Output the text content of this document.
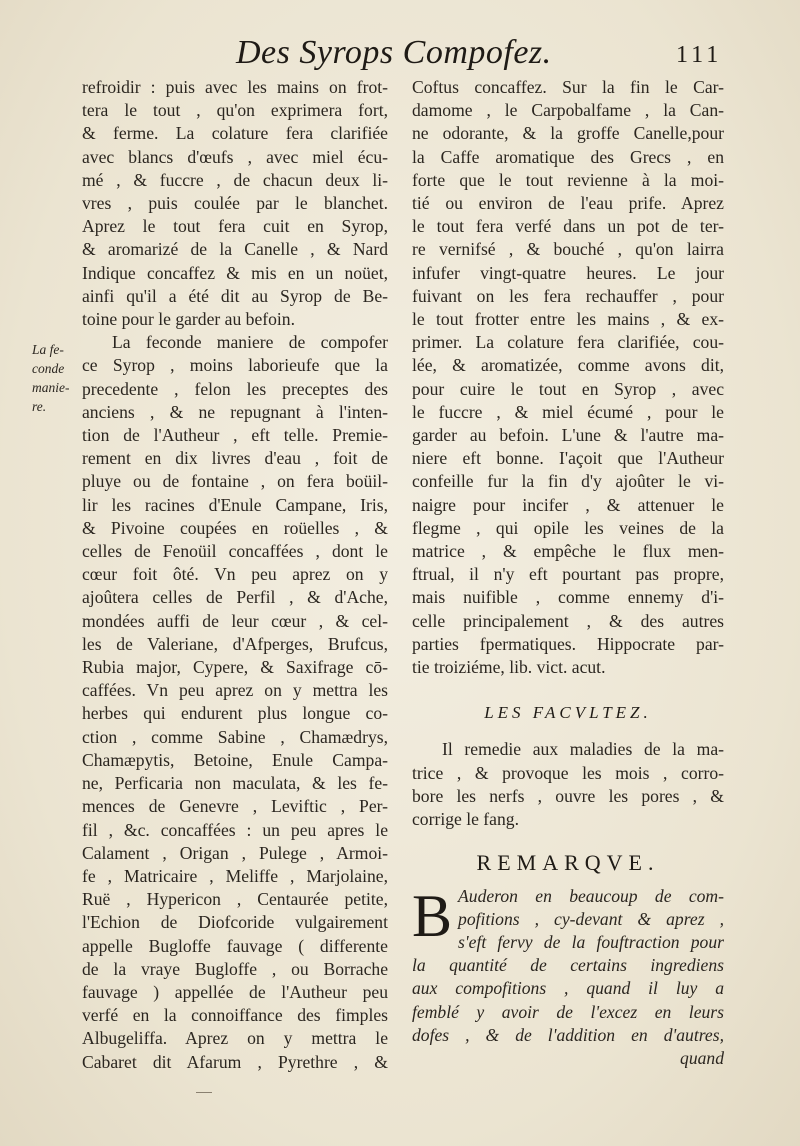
Des Syrops Compofez.	111
La fe-
conde
manie-
re.
refroidir : puis avec les mains on frot-
tera le tout , qu'on exprimera fort,
& ferme. La colature fera clarifiée
avec blancs d'œufs , avec miel écu-
mé , & fuccre , de chacun deux li-
vres , puis coulée par le blanchet.
Aprez le tout fera cuit en Syrop,
& aromarizé de la Canelle , & Nard
Indique concaffez & mis en un noüet,
ainfi qu'il a été dit au Syrop de Be-
toine pour le garder au befoin.
La feconde maniere de compofer
ce Syrop , moins laborieufe que la
precedente , felon les preceptes des
anciens , & ne repugnant à l'inten-
tion de l'Autheur , eft telle. Premie-
rement en dix livres d'eau , foit de
pluye ou de fontaine , on fera boüil-
lir les racines d'Enule Campane, Iris,
& Pivoine coupées en roüelles , &
celles de Fenoüil concaffées , dont le
cœur foit ôté. Vn peu aprez on y
ajoûtera celles de Perfil , & d'Ache,
mondées auffi de leur cœur , & cel-
les de Valeriane, d'Afperges, Brufcus,
Rubia major, Cypere, & Saxifrage cō-
caffées. Vn peu aprez on y mettra les
herbes qui endurent plus longue co-
ction , comme Sabine , Chamædrys,
Chamæpytis, Betoine, Enule Campa-
ne, Perficaria non maculata, & les fe-
mences de Genevre , Leviftic , Per-
fil , &c. concaffées : un peu apres le
Calament , Origan , Pulege , Armoi-
fe , Matricaire , Meliffe , Marjolaine,
Ruë , Hypericon , Centaurée petite,
l'Echion de Diofcoride vulgairement
appelle Bugloffe fauvage ( differente
de la vraye Bugloffe , ou Borrache
fauvage ) appellée de l'Autheur peu
verfé en la connoiffance des fimples
Albugeliffa. Aprez on y mettra le
Cabaret dit Afarum , Pyrethre , &
Coftus concaffez. Sur la fin le Car-
damome , le Carpobalfame , la Can-
ne odorante, & la groffe Canelle,pour
la Caffe aromatique des Grecs , en
forte que le tout revienne à la moi-
tié ou environ de l'eau prife. Aprez
le tout fera verfé dans un pot de ter-
re vernifsé , & bouché , qu'on lairra
infufer vingt-quatre heures. Le jour
fuivant on les fera rechauffer , pour
le tout frotter entre les mains , & ex-
primer. La colature fera clarifiée, cou-
lée, & aromatizée, comme avons dit,
pour cuire le tout en Syrop , avec
le fuccre , & miel écumé , pour le
garder au befoin. L'une & l'autre ma-
niere eft bonne. I'açoit que l'Autheur
confeille fur la fin d'y ajoûter le vi-
naigre pour incifer , & attenuer le
flegme , qui opile les veines de la
matrice , & empêche le flux men-
ftrual, il n'y eft pourtant pas propre,
mais nuifible , comme ennemy d'i-
celle principalement , & des autres
parties fpermatiques. Hippocrate par-
tie troiziéme, lib. vict. acut.
LES FACVLTEZ.
Il remedie aux maladies de la ma-
trice , & provoque les mois , corro-
bore les nerfs , ouvre les pores , &
corrige le fang.
REMARQVE.
B Auderon en beaucoup de com-
pofitions , cy-devant & aprez ,
s'eft fervy de la fouftraction pour
la quantité de certains ingrediens
aux compofitions , quand il luy a
femblé y avoir de l'excez en leurs
dofes , & de l'addition en d'autres,
quand
